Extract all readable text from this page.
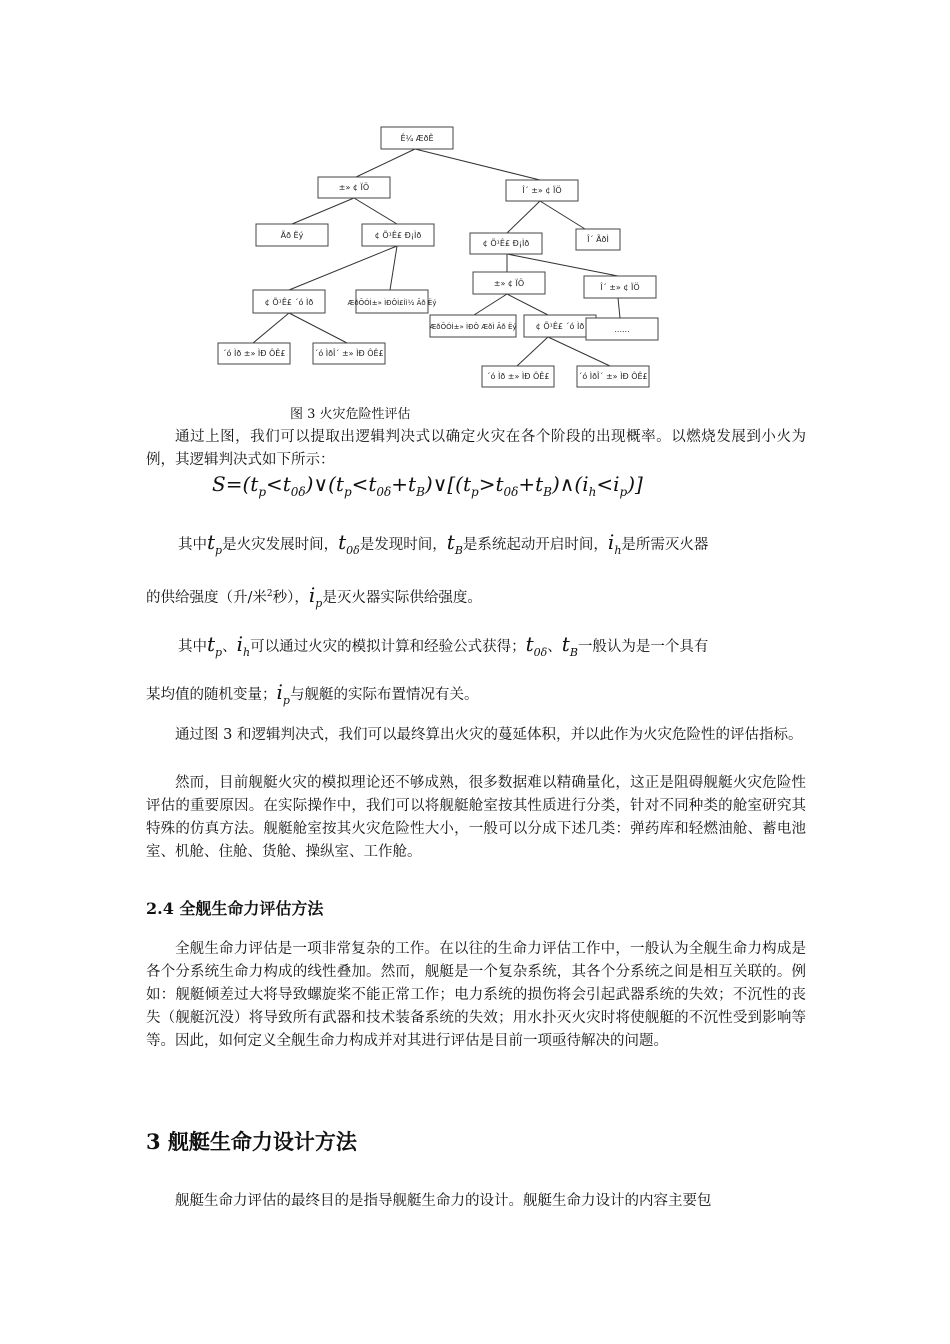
Ê¼ ÆðÊ
±» ¢ ÏÖ	Î´ ±» ¢ ÏÖ
Ãð Ëý	¢ Õ¹Ê£ Ð¡Ìð
¢ Õ¹Ê£ Ð¡Ìð	Î´ ÃðÌ
¢ Õ¹Ê£ ´ó Ìð	ÆðÕÓÌ±» ÌÐÔÌ£Ìì½ Ãð Ëý
±» ¢ ÏÖ	Î´ ±» ¢ ÏÖ
´ó Ìð ±» ÌÐ ÔÊ£	´ó ÌðÎ´ ±» ÌÐ ÔÊ£
ÆðÕÓÌ±» ÌÐÔ ÆðÌ Ãð Ëý ¢ Õ¹Ê£ ´ó Ìð	......
´ó Ìð ±» ÌÐ ÔÊ£	´ó ÌðÎ´ ±» ÌÐ ÔÊ£
图 3 火灾危险性评估

通过上图，我们可以提取出逻辑判决式以确定火灾在各个阶段的出现概率。以燃烧发展到小火为例，其逻辑判决式如下所示：

$S=(t_p<t_{0\delta})\vee(t_p<t_{0\delta}+t_B)\vee[(t_p>t_{0\delta}+t_B)\wedge(i_h<i_p)]$
其中$t_p$是火灾发展时间，$t_{0\delta}$是发现时间，$t_B$是系统起动开启时间，$i_h$是所需灭火器
的供给强度（升/米$^2$秒），$i_p$是灭火器实际供给强度。
其中$t_p$、$i_h$可以通过火灾的模拟计算和经验公式获得；$t_{0\delta}$、$t_B$一般认为是一个具有
某均值的随机变量；$i_p$与舰艇的实际布置情况有关。

通过图 3 和逻辑判决式，我们可以最终算出火灾的蔓延体积，并以此作为火灾危险性的评估指标。

然而，目前舰艇火灾的模拟理论还不够成熟，很多数据难以精确量化，这正是阻碍舰艇火灾危险性评估的重要原因。在实际操作中，我们可以将舰艇舱室按其性质进行分类，针对不同种类的舱室研究其特殊的仿真方法。舰艇舱室按其火灾危险性大小，一般可以分成下述几类：弹药库和轻燃油舱、蓄电池室、机舱、住舱、货舱、操纵室、工作舱。

2.4 全舰生命力评估方法

全舰生命力评估是一项非常复杂的工作。在以往的生命力评估工作中，一般认为全舰生命力构成是各个分系统生命力构成的线性叠加。然而，舰艇是一个复杂系统，其各个分系统之间是相互关联的。例如：舰艇倾差过大将导致螺旋桨不能正常工作；电力系统的损伤将会引起武器系统的失效；不沉性的丧失（舰艇沉没）将导致所有武器和技术装备系统的失效；用水扑灭火灾时将使舰艇的不沉性受到影响等等。因此，如何定义全舰生命力构成并对其进行评估是目前一项亟待解决的问题。

3 舰艇生命力设计方法

舰艇生命力评估的最终目的是指导舰艇生命力的设计。舰艇生命力设计的内容主要包
